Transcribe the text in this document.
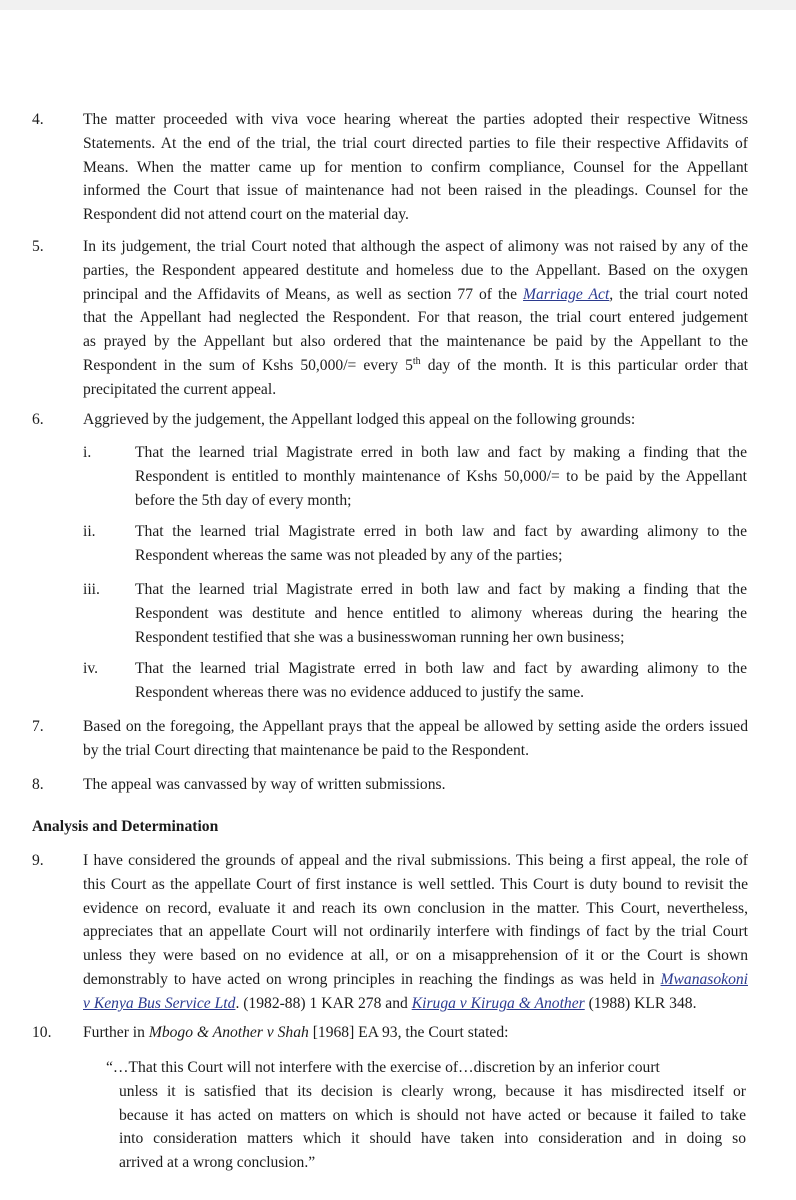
4.	The matter proceeded with viva voce hearing whereat the parties adopted their respective Witness
Statements. At the end of the trial, the trial court directed parties to file their respective Affidavits of
Means. When the matter came up for mention to confirm compliance, Counsel for the Appellant
informed the Court that issue of maintenance had not been raised in the pleadings. Counsel for the
Respondent did not attend court on the material day.
5.	In its judgement, the trial Court noted that although the aspect of alimony was not raised by any of the
parties, the Respondent appeared destitute and homeless due to the Appellant. Based on the oxygen
principal and the Affidavits of Means, as well as section 77 of the Marriage Act, the trial court noted
that the Appellant had neglected the Respondent. For that reason, the trial court entered judgement
as prayed by the Appellant but also ordered that the maintenance be paid by the Appellant to the
Respondent in the sum of Kshs 50,000/= every 5th day of the month. It is this particular order that
precipitated the current appeal.
6.	Aggrieved by the judgement, the Appellant lodged this appeal on the following grounds:
i.	That the learned trial Magistrate erred in both law and fact by making a finding that the
Respondent is entitled to monthly maintenance of Kshs 50,000/= to be paid by the Appellant
before the 5th day of every month;
ii.	That the learned trial Magistrate erred in both law and fact by awarding alimony to the
Respondent whereas the same was not pleaded by any of the parties;
iii.	That the learned trial Magistrate erred in both law and fact by making a finding that the
Respondent was destitute and hence entitled to alimony whereas during the hearing the
Respondent testified that she was a businesswoman running her own business;
iv.	That the learned trial Magistrate erred in both law and fact by awarding alimony to the
Respondent whereas there was no evidence adduced to justify the same.
7.	Based on the foregoing, the Appellant prays that the appeal be allowed by setting aside the orders issued
by the trial Court directing that maintenance be paid to the Respondent.
8.	The appeal was canvassed by way of written submissions.
Analysis and Determination
9.	I have considered the grounds of appeal and the rival submissions. This being a first appeal, the role of
this Court as the appellate Court of first instance is well settled. This Court is duty bound to revisit the
evidence on record, evaluate it and reach its own conclusion in the matter. This Court, nevertheless,
appreciates that an appellate Court will not ordinarily interfere with findings of fact by the trial Court
unless they were based on no evidence at all, or on a misapprehension of it or the Court is shown
demonstrably to have acted on wrong principles in reaching the findings as was held in Mwanasokoni
v Kenya Bus Service Ltd. (1982-88) 1 KAR 278 and Kiruga v Kiruga & Another (1988) KLR 348.
10.	Further in Mbogo & Another v Shah [1968] EA 93, the Court stated:
“…That this Court will not interfere with the exercise of…discretion by an inferior court
unless it is satisfied that its decision is clearly wrong, because it has misdirected itself or
because it has acted on matters on which is should not have acted or because it failed to take
into consideration matters which it should have taken into consideration and in doing so
arrived at a wrong conclusion.”
